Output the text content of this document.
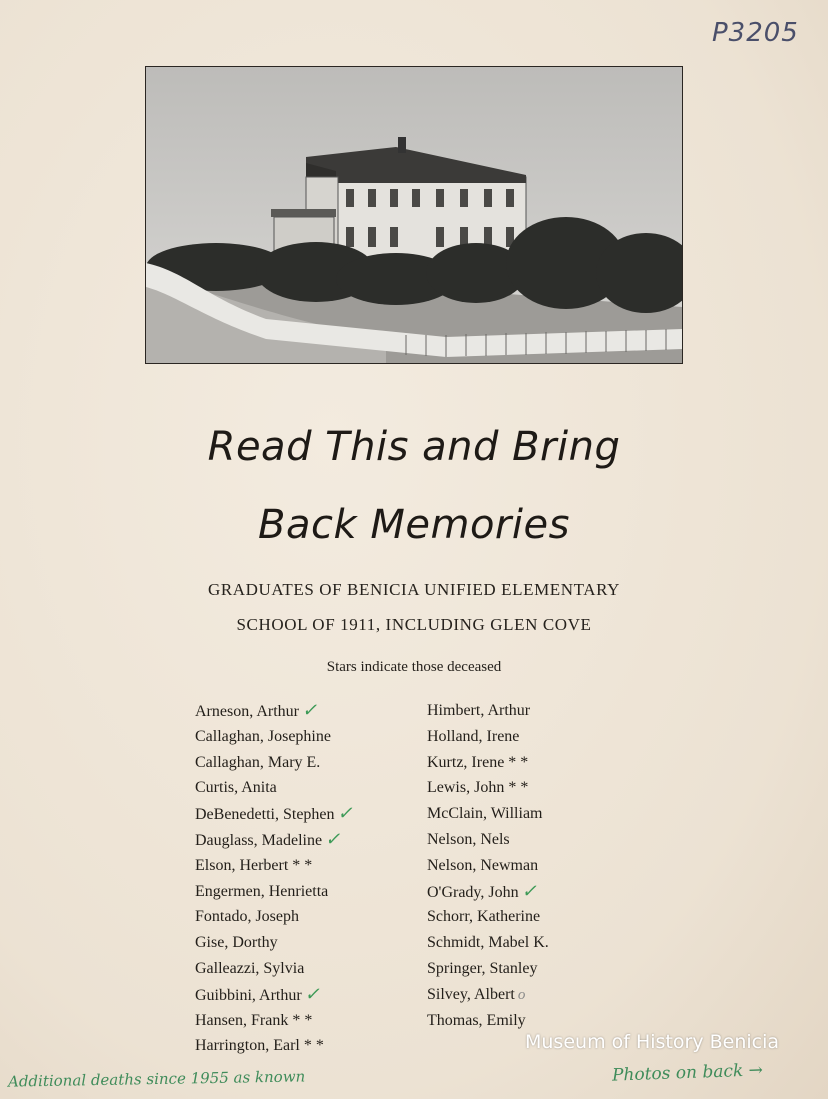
P3205
Read This and Bring
Back Memories
GRADUATES OF BENICIA UNIFIED ELEMENTARY
SCHOOL OF 1911, INCLUDING GLEN COVE
Stars indicate those deceased
Arneson, Arthur ✓
Callaghan, Josephine
Callaghan, Mary E.
Curtis, Anita
DeBenedetti, Stephen ✓
Dauglass, Madeline ✓
Elson, Herbert * *
Engermen, Henrietta
Fontado, Joseph
Gise, Dorthy
Galleazzi, Sylvia
Guibbini, Arthur ✓
Hansen, Frank * *
Harrington, Earl * *
Himbert, Arthur
Holland, Irene
Kurtz, Irene * *
Lewis, John * *
McClain, William
Nelson, Nels
Nelson, Newman
O'Grady, John ✓
Schorr, Katherine
Schmidt, Mabel K.
Springer, Stanley
Silvey, Albert o
Thomas, Emily
Museum of History Benicia
Additional deaths since 1955 as known	Photos on back →
